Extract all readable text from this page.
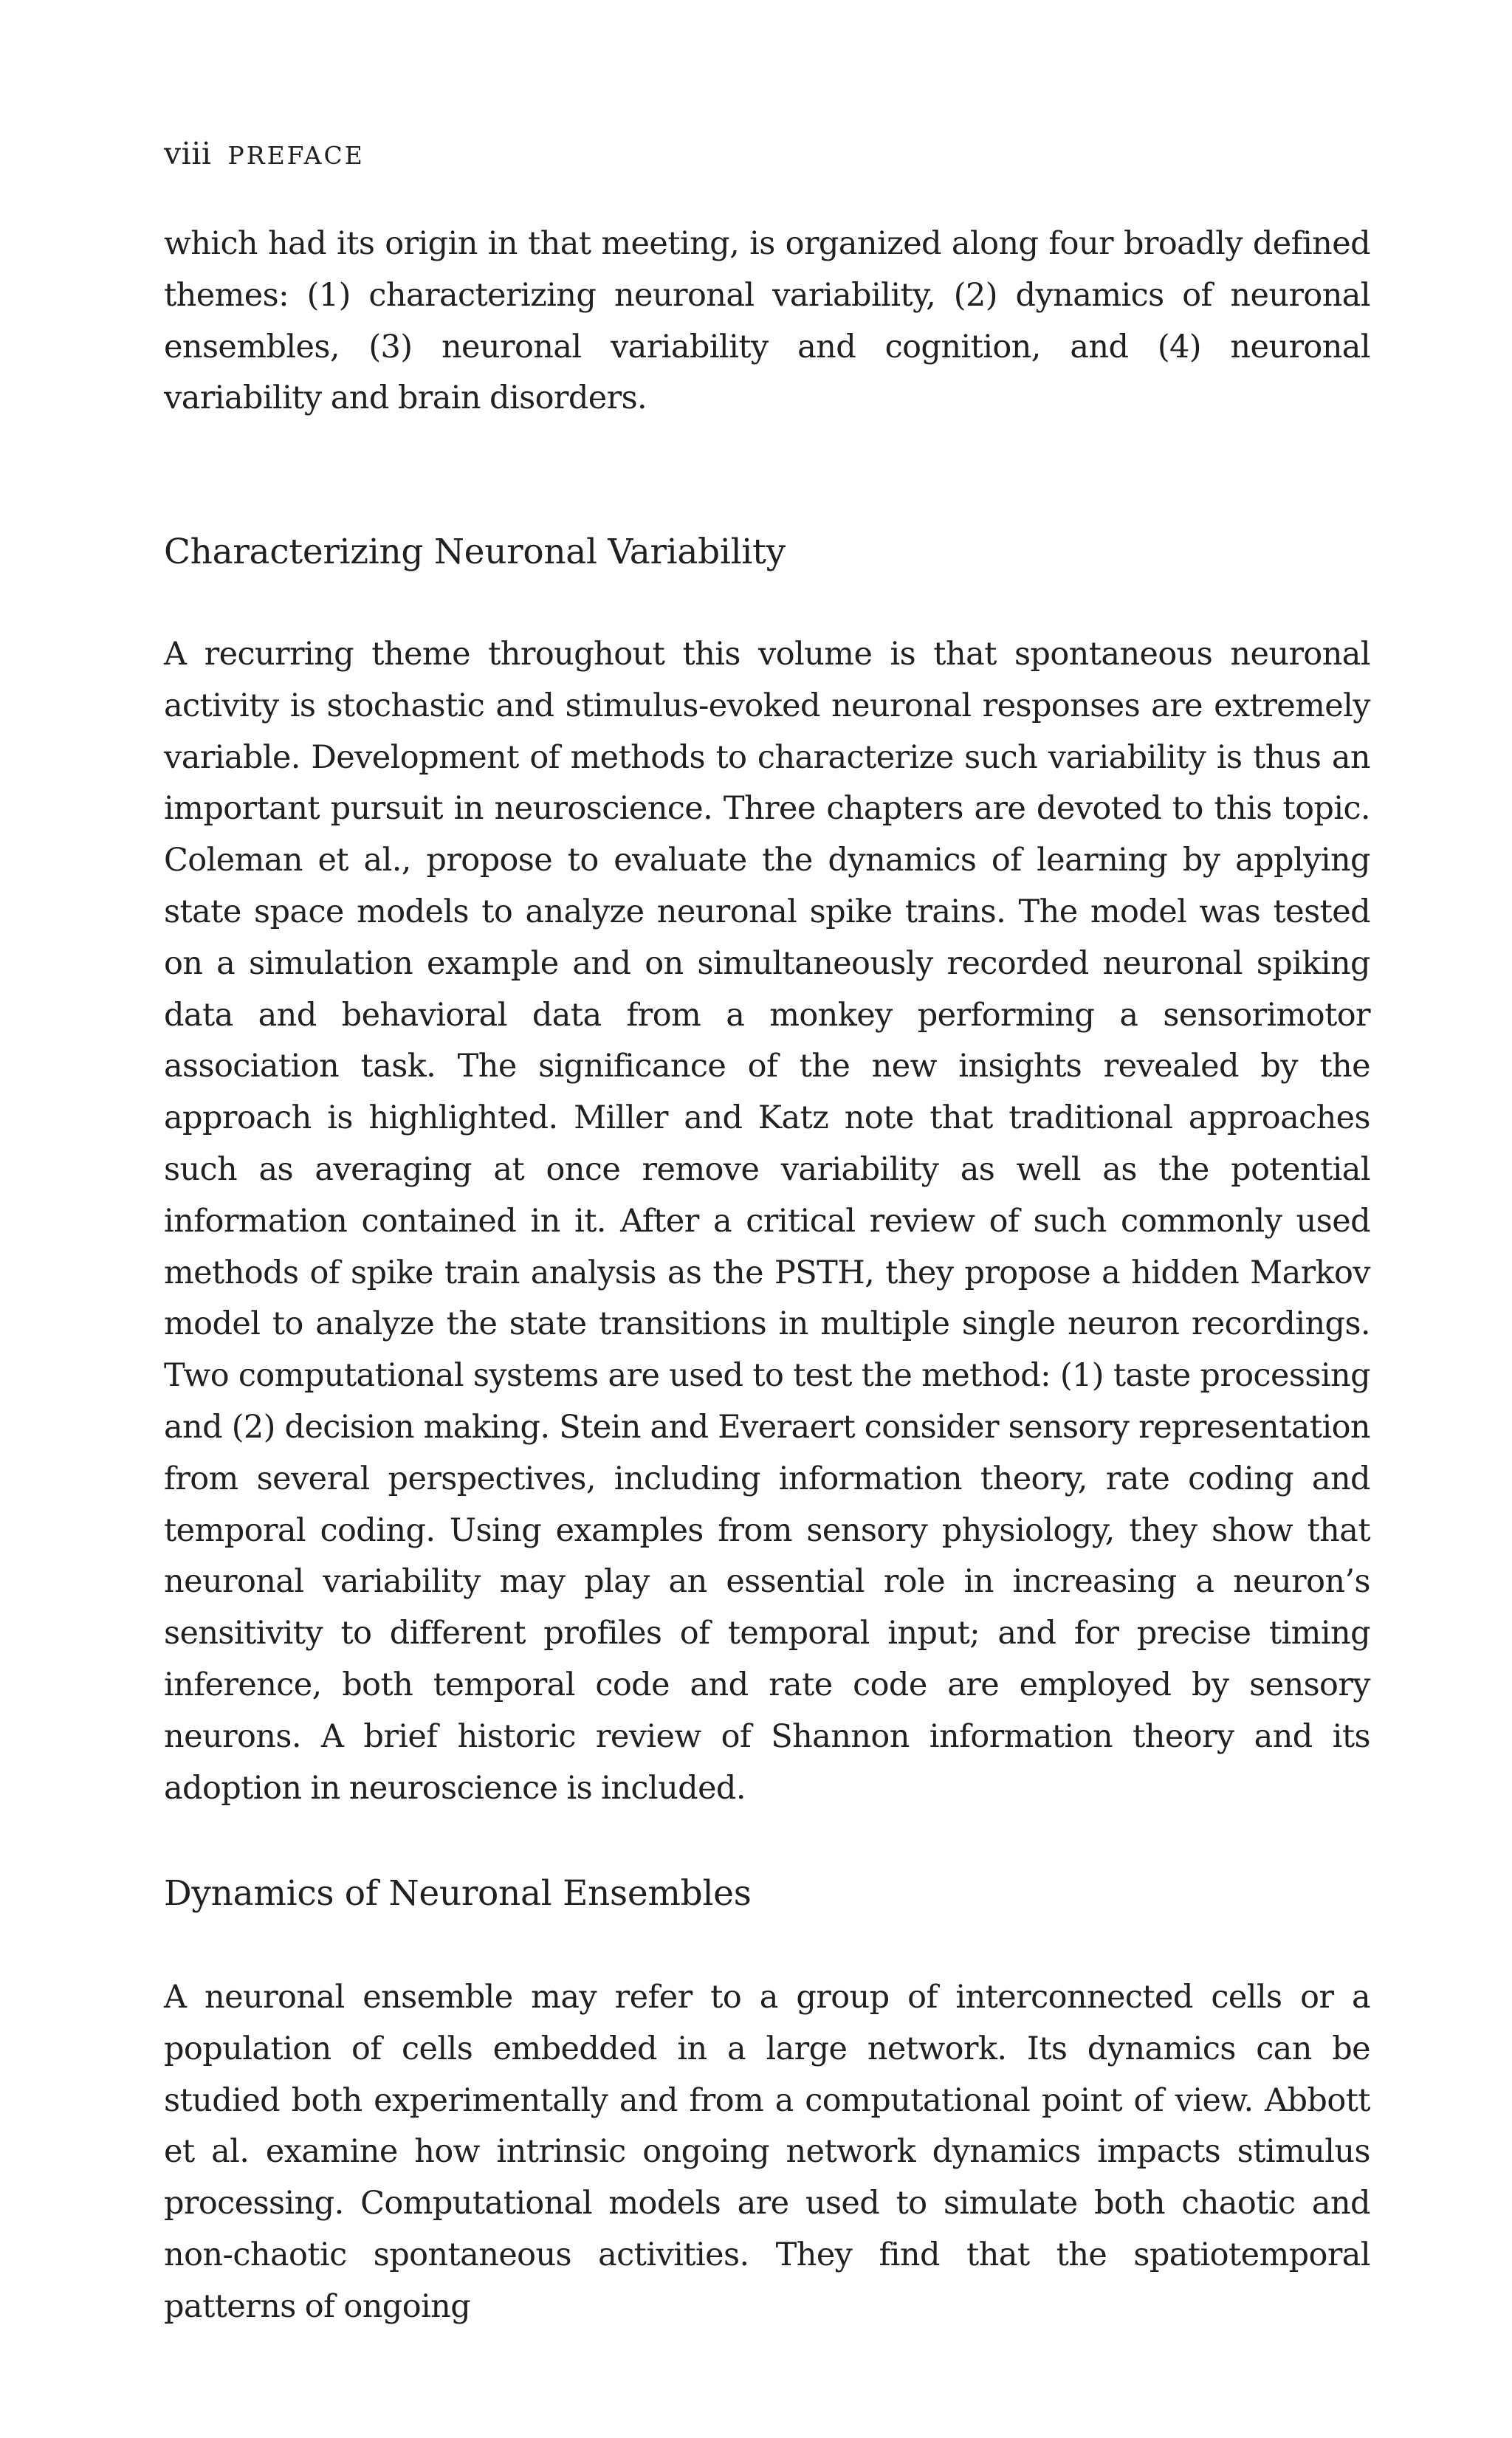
viii PREFACE

which had its origin in that meeting, is organized along four broadly defined themes: (1) characterizing neuronal variability, (2) dynamics of neuronal ensembles, (3) neuronal variability and cognition, and (4) neuronal variability and brain disorders.

Characterizing Neuronal Variability

A recurring theme throughout this volume is that spontaneous neuronal activity is stochastic and stimulus-evoked neuronal responses are extremely variable. Development of methods to characterize such variability is thus an important pursuit in neuroscience. Three chapters are devoted to this topic. Coleman et al., propose to evaluate the dynamics of learning by applying state space models to analyze neuronal spike trains. The model was tested on a simulation example and on simultaneously recorded neuronal spiking data and behavioral data from a monkey performing a sensorimotor association task. The significance of the new insights revealed by the approach is highlighted. Miller and Katz note that traditional approaches such as averaging at once remove variability as well as the potential information contained in it. After a critical review of such commonly used methods of spike train analysis as the PSTH, they propose a hidden Markov model to analyze the state transitions in multiple single neuron recordings. Two computational systems are used to test the method: (1) taste processing and (2) decision making. Stein and Everaert consider sensory representation from several perspectives, including information theory, rate coding and temporal coding. Using examples from sensory physiology, they show that neuronal variability may play an essential role in increasing a neuron’s sensitivity to different profiles of temporal input; and for precise timing inference, both temporal code and rate code are employed by sensory neurons. A brief historic review of Shannon information theory and its adoption in neuroscience is included.

Dynamics of Neuronal Ensembles

A neuronal ensemble may refer to a group of interconnected cells or a population of cells embedded in a large network. Its dynamics can be studied both experimentally and from a computational point of view. Abbott et al. examine how intrinsic ongoing network dynamics impacts stimulus processing. Computational models are used to simulate both chaotic and non-chaotic spontaneous activities. They find that the spatiotemporal patterns of ongoing
